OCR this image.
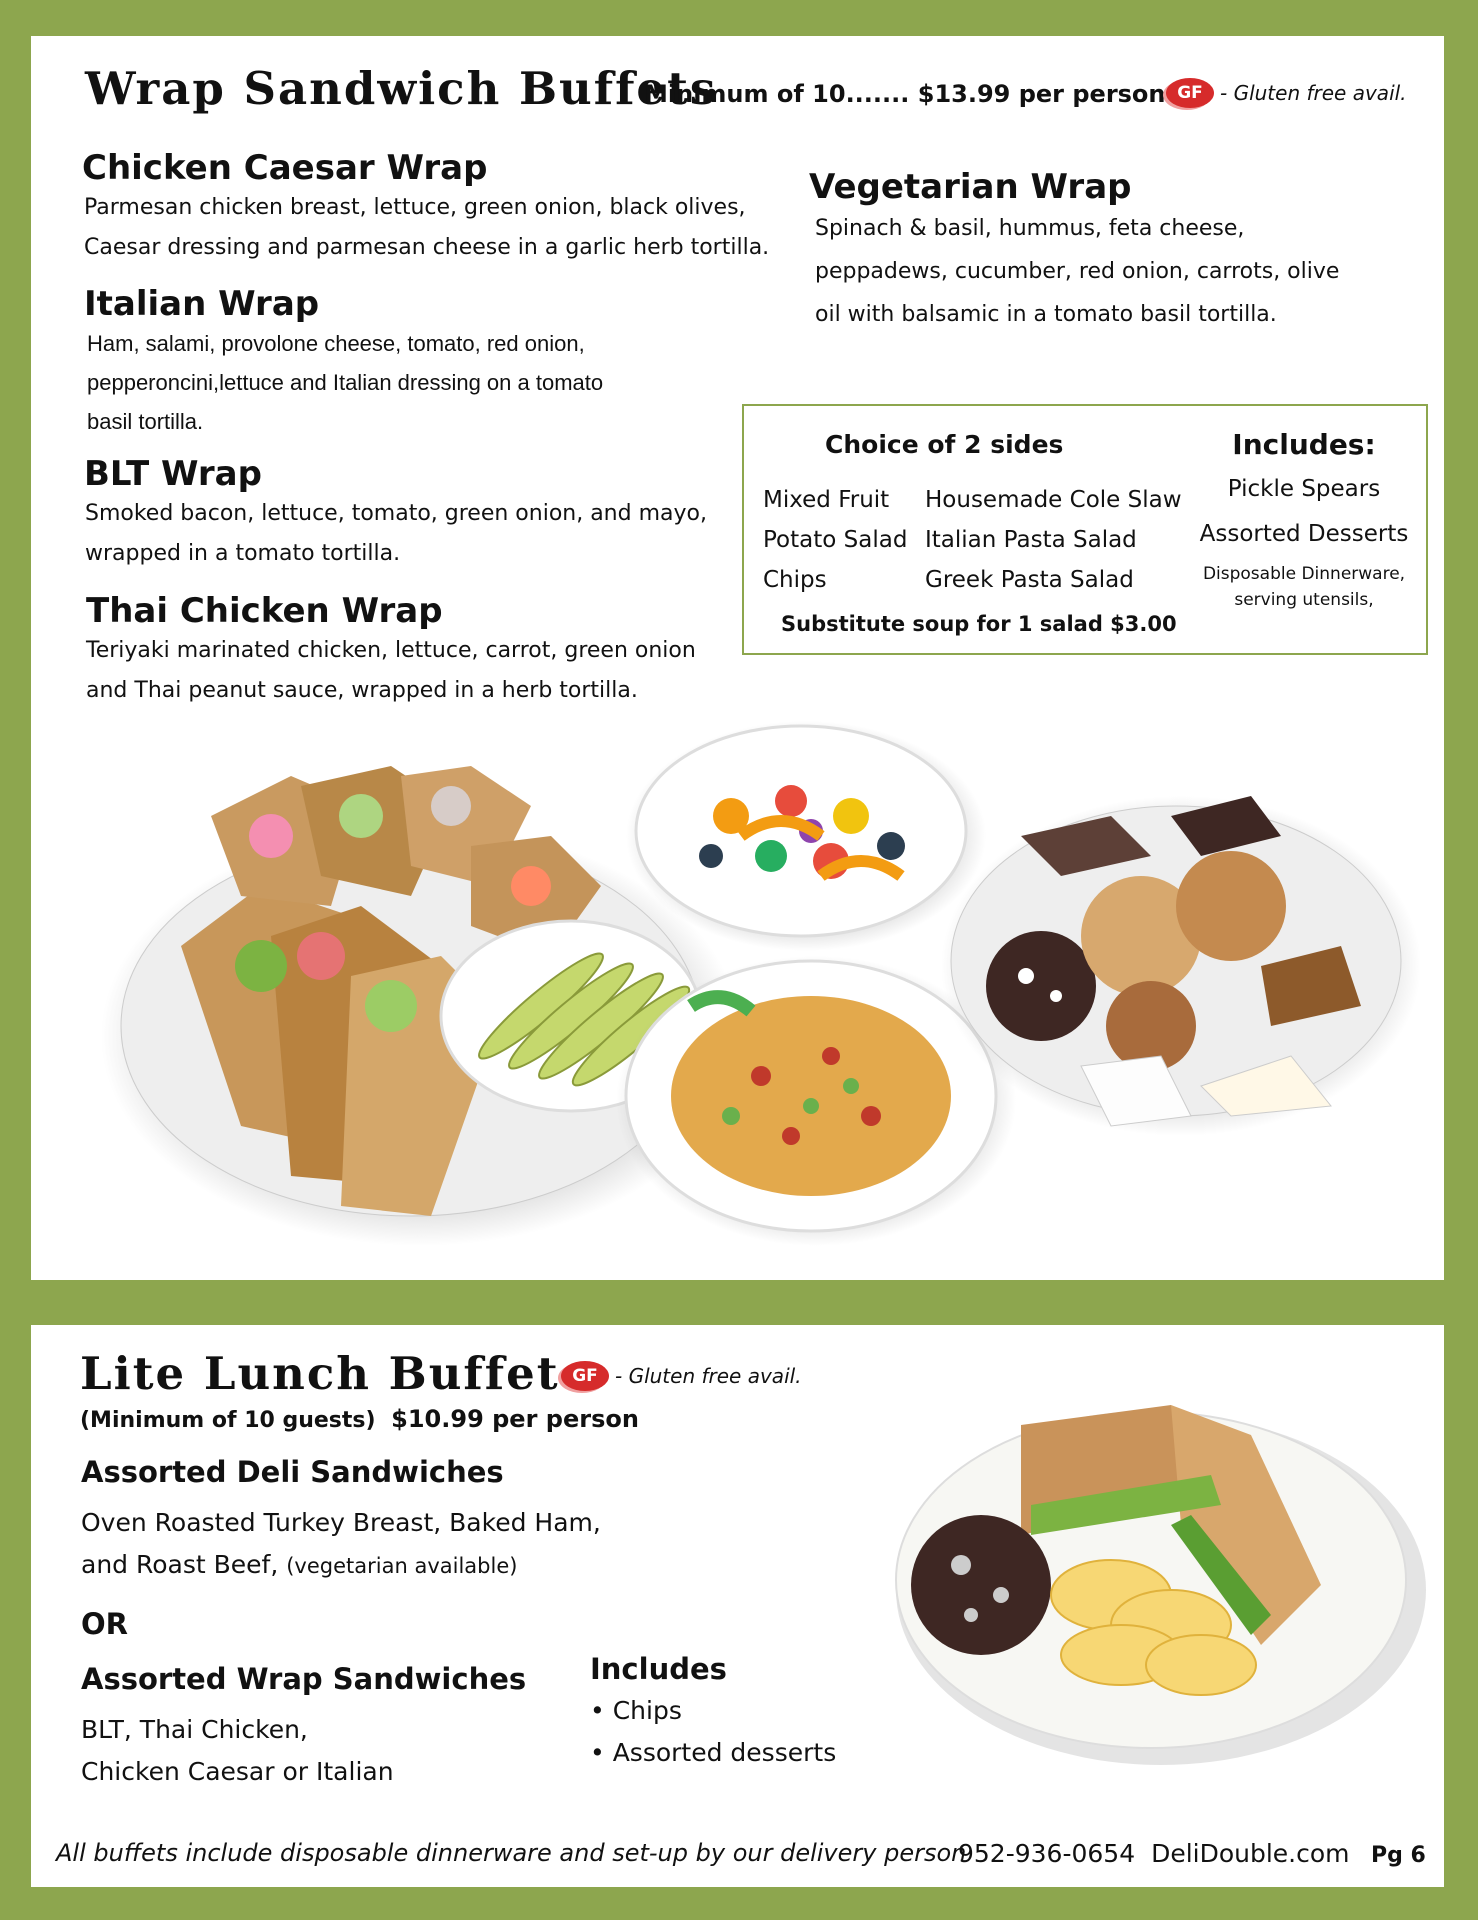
Wrap Sandwich Buffets
Minimum of 10....... $13.99 per person GF - Gluten free avail.
Chicken Caesar Wrap
Parmesan chicken breast, lettuce, green onion, black olives,
Caesar dressing and parmesan cheese in a garlic herb tortilla.
Italian Wrap
Ham, salami, provolone cheese, tomato, red onion,
pepperoncini,lettuce and Italian dressing on a tomato
basil tortilla.
BLT Wrap
Smoked bacon, lettuce, tomato, green onion, and mayo,
wrapped in a tomato tortilla.
Thai Chicken Wrap
Teriyaki marinated chicken, lettuce, carrot, green onion
and Thai peanut sauce, wrapped in a herb tortilla.
Vegetarian Wrap
Spinach & basil, hummus, feta cheese,
peppadews, cucumber, red onion, carrots, olive
oil with balsamic in a tomato basil tortilla.
Choice of 2 sides
Mixed Fruit
Potato Salad
Chips
Housemade Cole Slaw
Italian Pasta Salad
Greek Pasta Salad
Substitute soup for 1 salad $3.00
Includes:
Pickle Spears
Assorted Desserts
Disposable Dinnerware,
serving utensils,
Lite Lunch Buffet GF - Gluten free avail.
(Minimum of 10 guests) $10.99 per person
Assorted Deli Sandwiches
Oven Roasted Turkey Breast, Baked Ham,
and Roast Beef, (vegetarian available)
OR
Assorted Wrap Sandwiches
BLT, Thai Chicken,
Chicken Caesar or Italian
Includes
• Chips
• Assorted desserts
All buffets include disposable dinnerware and set-up by our delivery person
952-936-0654 DeliDouble.com Pg 6
